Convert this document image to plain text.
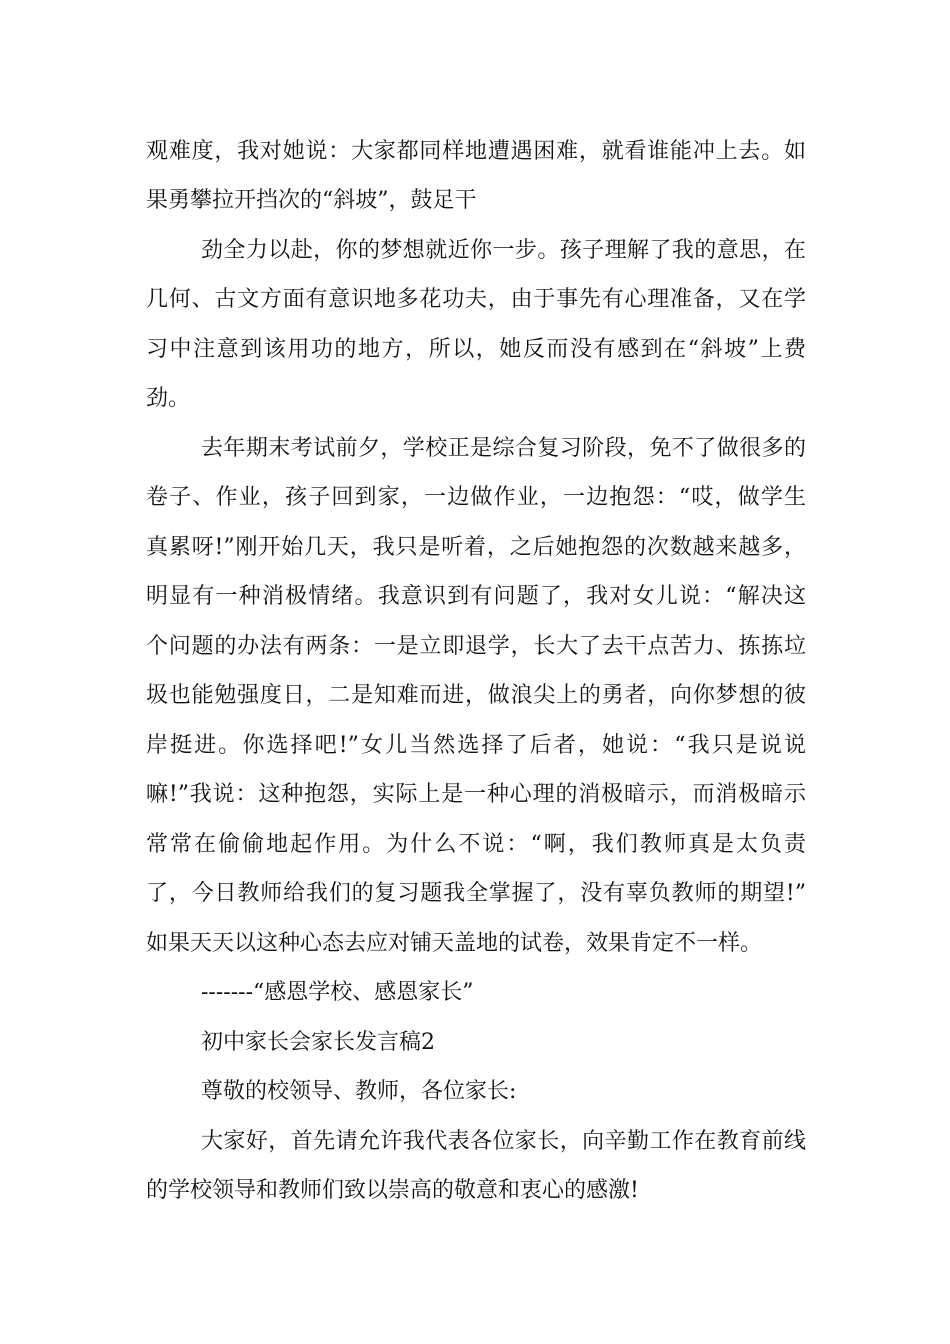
观难度，我对她说：大家都同样地遭遇困难，就看谁能冲上去。如
果勇攀拉开挡次的“斜坡”，鼓足干
劲全力以赴，你的梦想就近你一步。孩子理解了我的意思，在
几何、古文方面有意识地多花功夫，由于事先有心理准备，又在学
习中注意到该用功的地方，所以，她反而没有感到在“斜坡”上费
劲。
去年期末考试前夕，学校正是综合复习阶段，免不了做很多的
卷子、作业，孩子回到家，一边做作业，一边抱怨：“哎，做学生
真累呀!”刚开始几天，我只是听着，之后她抱怨的次数越来越多，
明显有一种消极情绪。我意识到有问题了，我对女儿说：“解决这
个问题的办法有两条：一是立即退学，长大了去干点苦力、拣拣垃
圾也能勉强度日，二是知难而进，做浪尖上的勇者，向你梦想的彼
岸挺进。你选择吧!”女儿当然选择了后者，她说：“我只是说说
嘛!”我说：这种抱怨，实际上是一种心理的消极暗示，而消极暗示
常常在偷偷地起作用。为什么不说：“啊，我们教师真是太负责
了，今日教师给我们的复习题我全掌握了，没有辜负教师的期望!”
如果天天以这种心态去应对铺天盖地的试卷，效果肯定不一样。
-------“感恩学校、感恩家长”
初中家长会家长发言稿2
尊敬的校领导、教师，各位家长:
大家好，首先请允许我代表各位家长，向辛勤工作在教育前线
的学校领导和教师们致以崇高的敬意和衷心的感激!
